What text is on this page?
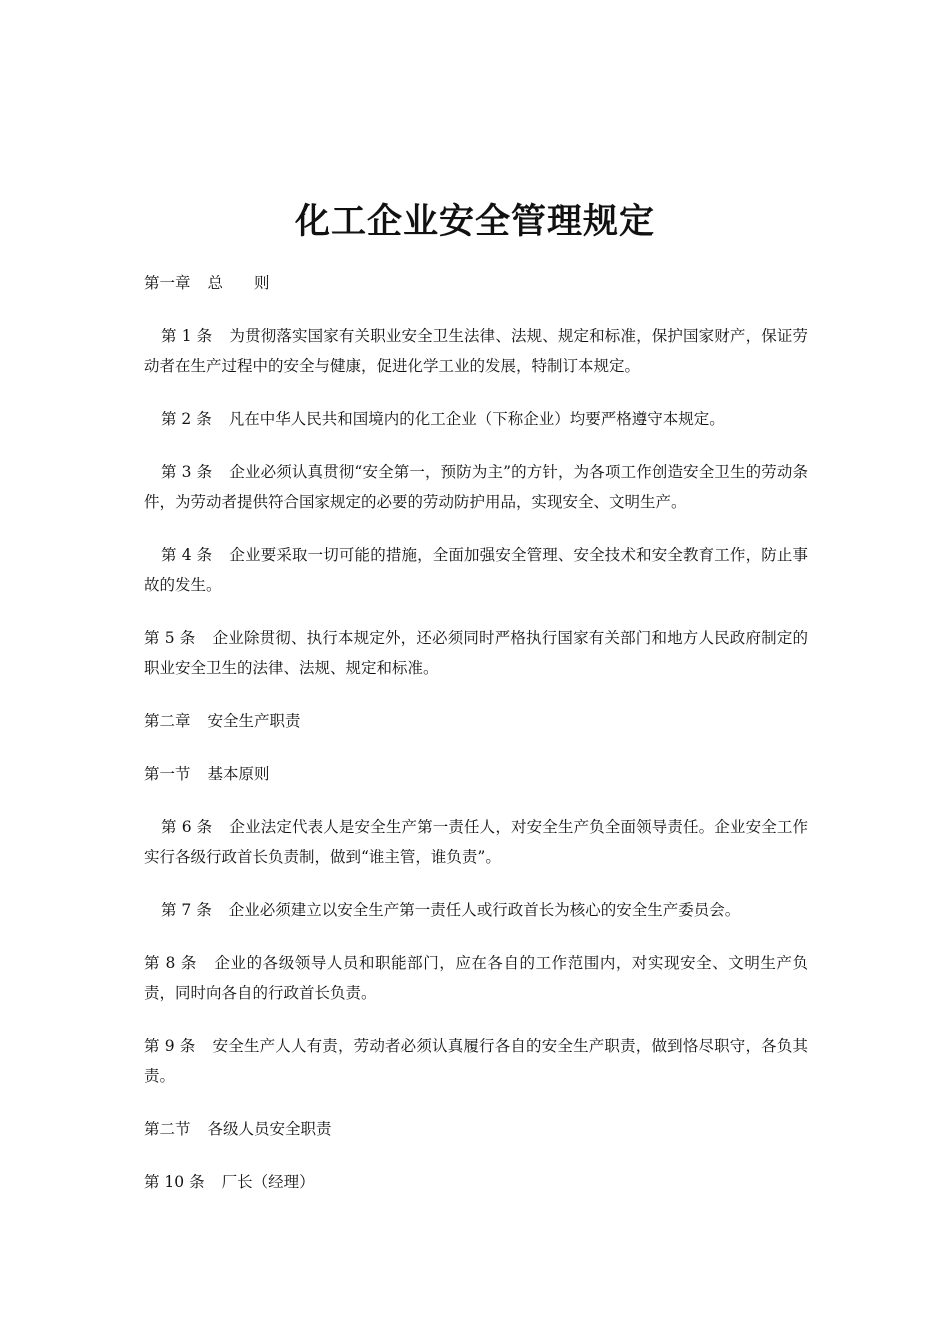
化工企业安全管理规定

第一章 总　　则

第 1 条 为贯彻落实国家有关职业安全卫生法律、法规、规定和标准，保护国家财产，保证劳动者在生产过程中的安全与健康，促进化学工业的发展，特制订本规定。

第 2 条 凡在中华人民共和国境内的化工企业（下称企业）均要严格遵守本规定。

第 3 条 企业必须认真贯彻“安全第一，预防为主”的方针，为各项工作创造安全卫生的劳动条件，为劳动者提供符合国家规定的必要的劳动防护用品，实现安全、文明生产。

第 4 条 企业要采取一切可能的措施，全面加强安全管理、安全技术和安全教育工作，防止事故的发生。

第 5 条 企业除贯彻、执行本规定外，还必须同时严格执行国家有关部门和地方人民政府制定的职业安全卫生的法律、法规、规定和标准。

第二章 安全生产职责

第一节 基本原则

第 6 条 企业法定代表人是安全生产第一责任人，对安全生产负全面领导责任。企业安全工作实行各级行政首长负责制，做到“谁主管，谁负责”。

第 7 条 企业必须建立以安全生产第一责任人或行政首长为核心的安全生产委员会。

第 8 条 企业的各级领导人员和职能部门，应在各自的工作范围内，对实现安全、文明生产负责，同时向各自的行政首长负责。

第 9 条 安全生产人人有责，劳动者必须认真履行各自的安全生产职责，做到恪尽职守，各负其责。

第二节 各级人员安全职责

第 10 条 厂长（经理）
